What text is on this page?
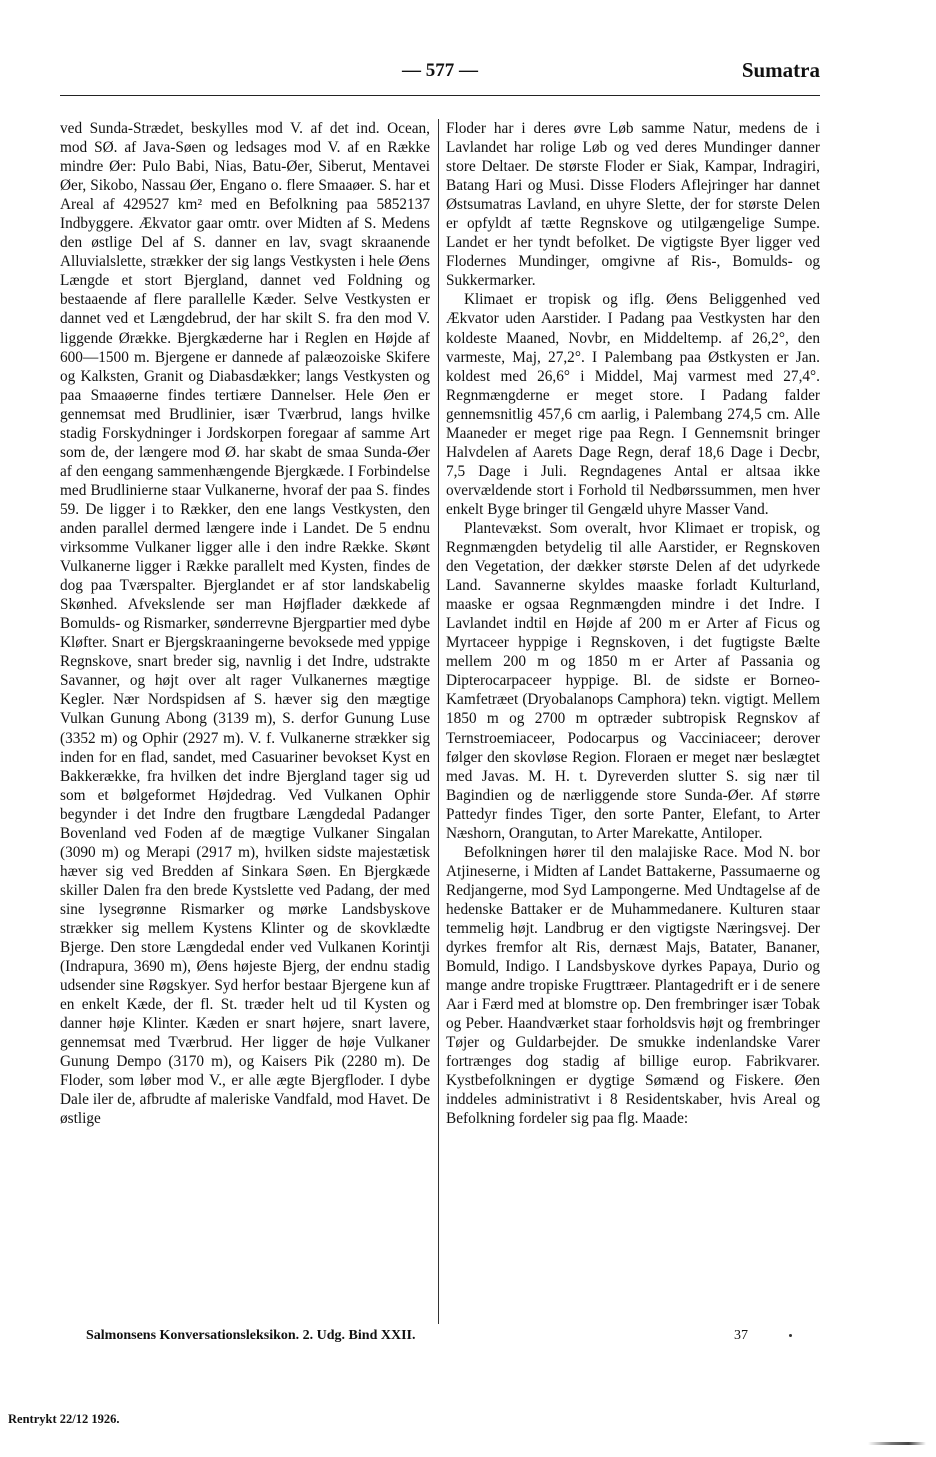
— 577 —	Sumatra

ved Sunda-Strædet, beskylles mod V. af det ind. Ocean, mod SØ. af Java-Søen og ledsages mod V. af en Række mindre Øer: Pulo Babi, Nias, Batu-Øer, Siberut, Mentavei Øer, Sikobo, Nassau Øer, Engano o. flere Smaaøer. S. har et Areal af 429527 km² med en Befolkning paa 5852137 Indbyggere. Ækvator gaar omtr. over Midten af S. Medens den østlige Del af S. danner en lav, svagt skraanende Alluvialslette, strækker der sig langs Vestkysten i hele Øens Længde et stort Bjergland, dannet ved Foldning og bestaaende af flere parallelle Kæder. Selve Vestkysten er dannet ved et Længdebrud, der har skilt S. fra den mod V. liggende Ørække. Bjergkæderne har i Reglen en Højde af 600—1500 m. Bjergene er dannede af palæozoiske Skifere og Kalksten, Granit og Diabasdækker; langs Vestkysten og paa Smaaøerne findes tertiære Dannelser. Hele Øen er gennemsat med Brudlinier, især Tværbrud, langs hvilke stadig Forskydninger i Jordskorpen foregaar af samme Art som de, der længere mod Ø. har skabt de smaa Sunda-Øer af den eengang sammenhængende Bjergkæde. I Forbindelse med Brudlinierne staar Vulkanerne, hvoraf der paa S. findes 59. De ligger i to Rækker, den ene langs Vestkysten, den anden parallel dermed længere inde i Landet. De 5 endnu virksomme Vulkaner ligger alle i den indre Række. Skønt Vulkanerne ligger i Række parallelt med Kysten, findes de dog paa Tværspalter. Bjerglandet er af stor landskabelig Skønhed. Afvekslende ser man Højflader dækkede af Bomulds- og Rismarker, sønderrevne Bjergpartier med dybe Kløfter. Snart er Bjergskraaningerne bevoksede med yppige Regnskove, snart breder sig, navnlig i det Indre, udstrakte Savanner, og højt over alt rager Vulkanernes mægtige Kegler. Nær Nordspidsen af S. hæver sig den mægtige Vulkan Gunung Abong (3139 m), S. derfor Gunung Luse (3352 m) og Ophir (2927 m). V. f. Vulkanerne strækker sig inden for en flad, sandet, med Casuariner bevokset Kyst en Bakkerække, fra hvilken det indre Bjergland tager sig ud som et bølgeformet Højdedrag. Ved Vulkanen Ophir begynder i det Indre den frugtbare Længdedal Padanger Bovenland ved Foden af de mægtige Vulkaner Singalan (3090 m) og Merapi (2917 m), hvilken sidste majestætisk hæver sig ved Bredden af Sinkara Søen. En Bjergkæde skiller Dalen fra den brede Kystslette ved Padang, der med sine lysegrønne Rismarker og mørke Landsbyskove strækker sig mellem Kystens Klinter og de skovklædte Bjerge. Den store Længdedal ender ved Vulkanen Korintji (Indrapura, 3690 m), Øens højeste Bjerg, der endnu stadig udsender sine Røgskyer. Syd herfor bestaar Bjergene kun af en enkelt Kæde, der fl. St. træder helt ud til Kysten og danner høje Klinter. Kæden er snart højere, snart lavere, gennemsat med Tværbrud. Her ligger de høje Vulkaner Gunung Dempo (3170 m), og Kaisers Pik (2280 m). De Floder, som løber mod V., er alle ægte Bjergfloder. I dybe Dale iler de, afbrudte af maleriske Vandfald, mod Havet. De østlige

Floder har i deres øvre Løb samme Natur, medens de i Lavlandet har rolige Løb og ved deres Mundinger danner store Deltaer. De største Floder er Siak, Kampar, Indragiri, Batang Hari og Musi. Disse Floders Aflejringer har dannet Østsumatras Lavland, en uhyre Slette, der for største Delen er opfyldt af tætte Regnskove og utilgængelige Sumpe. Landet er her tyndt befolket. De vigtigste Byer ligger ved Flodernes Mundinger, omgivne af Ris-, Bomulds- og Sukkermarker.

Klimaet er tropisk og iflg. Øens Beliggenhed ved Ækvator uden Aarstider. I Padang paa Vestkysten har den koldeste Maaned, Novbr, en Middeltemp. af 26,2°, den varmeste, Maj, 27,2°. I Palembang paa Østkysten er Jan. koldest med 26,6° i Middel, Maj varmest med 27,4°. Regnmængderne er meget store. I Padang falder gennemsnitlig 457,6 cm aarlig, i Palembang 274,5 cm. Alle Maaneder er meget rige paa Regn. I Gennemsnit bringer Halvdelen af Aarets Dage Regn, deraf 18,6 Dage i Decbr, 7,5 Dage i Juli. Regndagenes Antal er altsaa ikke overvældende stort i Forhold til Nedbørssummen, men hver enkelt Byge bringer til Gengæld uhyre Masser Vand.

Plantevækst. Som overalt, hvor Klimaet er tropisk, og Regnmængden betydelig til alle Aarstider, er Regnskoven den Vegetation, der dækker største Delen af det udyrkede Land. Savannerne skyldes maaske forladt Kulturland, maaske er ogsaa Regnmængden mindre i det Indre. I Lavlandet indtil en Højde af 200 m er Arter af Ficus og Myrtaceer hyppige i Regnskoven, i det fugtigste Bælte mellem 200 m og 1850 m er Arter af Passania og Dipterocarpaceer hyppige. Bl. de sidste er Borneo-Kamfetræet (Dryobalanops Camphora) tekn. vigtigt. Mellem 1850 m og 2700 m optræder subtropisk Regnskov af Ternstroemiaceer, Podocarpus og Vacciniaceer; derover følger den skovløse Region. Floraen er meget nær beslægtet med Javas. M. H. t. Dyreverden slutter S. sig nær til Bagindien og de nærliggende store Sunda-Øer. Af større Pattedyr findes Tiger, den sorte Panter, Elefant, to Arter Næshorn, Orangutan, to Arter Marekatte, Antiloper.

Befolkningen hører til den malajiske Race. Mod N. bor Atjineserne, i Midten af Landet Battakerne, Passumaerne og Redjangerne, mod Syd Lampongerne. Med Undtagelse af de hedenske Battaker er de Muhammedanere. Kulturen staar temmelig højt. Landbrug er den vigtigste Næringsvej. Der dyrkes fremfor alt Ris, dernæst Majs, Batater, Bananer, Bomuld, Indigo. I Landsbyskove dyrkes Papaya, Durio og mange andre tropiske Frugttræer. Plantagedrift er i de senere Aar i Færd med at blomstre op. Den frembringer især Tobak og Peber. Haandværket staar forholdsvis højt og frembringer Tøjer og Guldarbejder. De smukke indenlandske Varer fortrænges dog stadig af billige europ. Fabrikvarer. Kystbefolkningen er dygtige Sømænd og Fiskere. Øen inddeles administrativt i 8 Residentskaber, hvis Areal og Befolkning fordeler sig paa flg. Maade:

Salmonsens Konversationsleksikon. 2. Udg. Bind XXII.	37
Rentrykt 22/12 1926.
